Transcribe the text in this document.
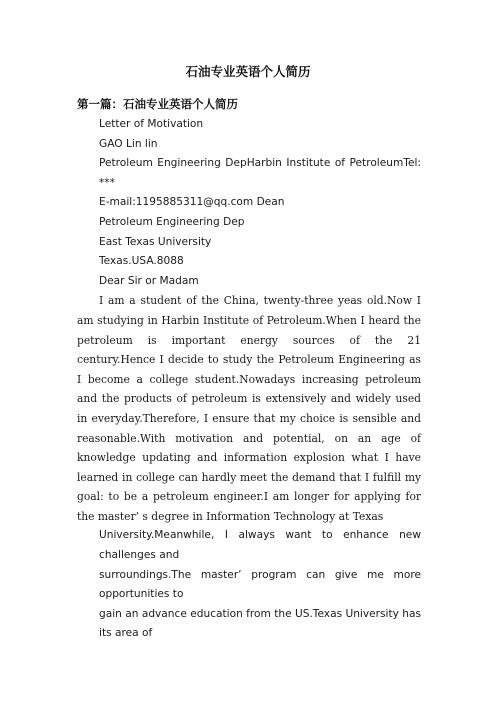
石油专业英语个人简历
第一篇：石油专业英语个人简历

Letter of Motivation

GAO Lin lin

Petroleum Engineering DepHarbin Institute of PetroleumTel: ***

E-mail:1195885311@qq.com Dean

Petroleum Engineering Dep

East Texas University

Texas.USA.8088

Dear Sir or Madam

I am a student of the China, twenty-three yeas old.Now I am studying in Harbin Institute of Petroleum.When I heard the petroleum is important energy sources of the 21 century.Hence I decide to study the Petroleum Engineering as I become a college student.Nowadays increasing petroleum and the products of petroleum is extensively and widely used in everyday.Therefore, I ensure that my choice is sensible and reasonable.With motivation and potential, on an age of knowledge updating and information explosion what I have learned in college can hardly meet the demand that I fulfill my goal: to be a petroleum engineer.I am longer for applying for the master’ s degree in Information Technology at Texas

University.Meanwhile, I always want to enhance new challenges and

surroundings.The master’ program can give me more opportunities to

gain an advance education from the US.Texas University has its area of
